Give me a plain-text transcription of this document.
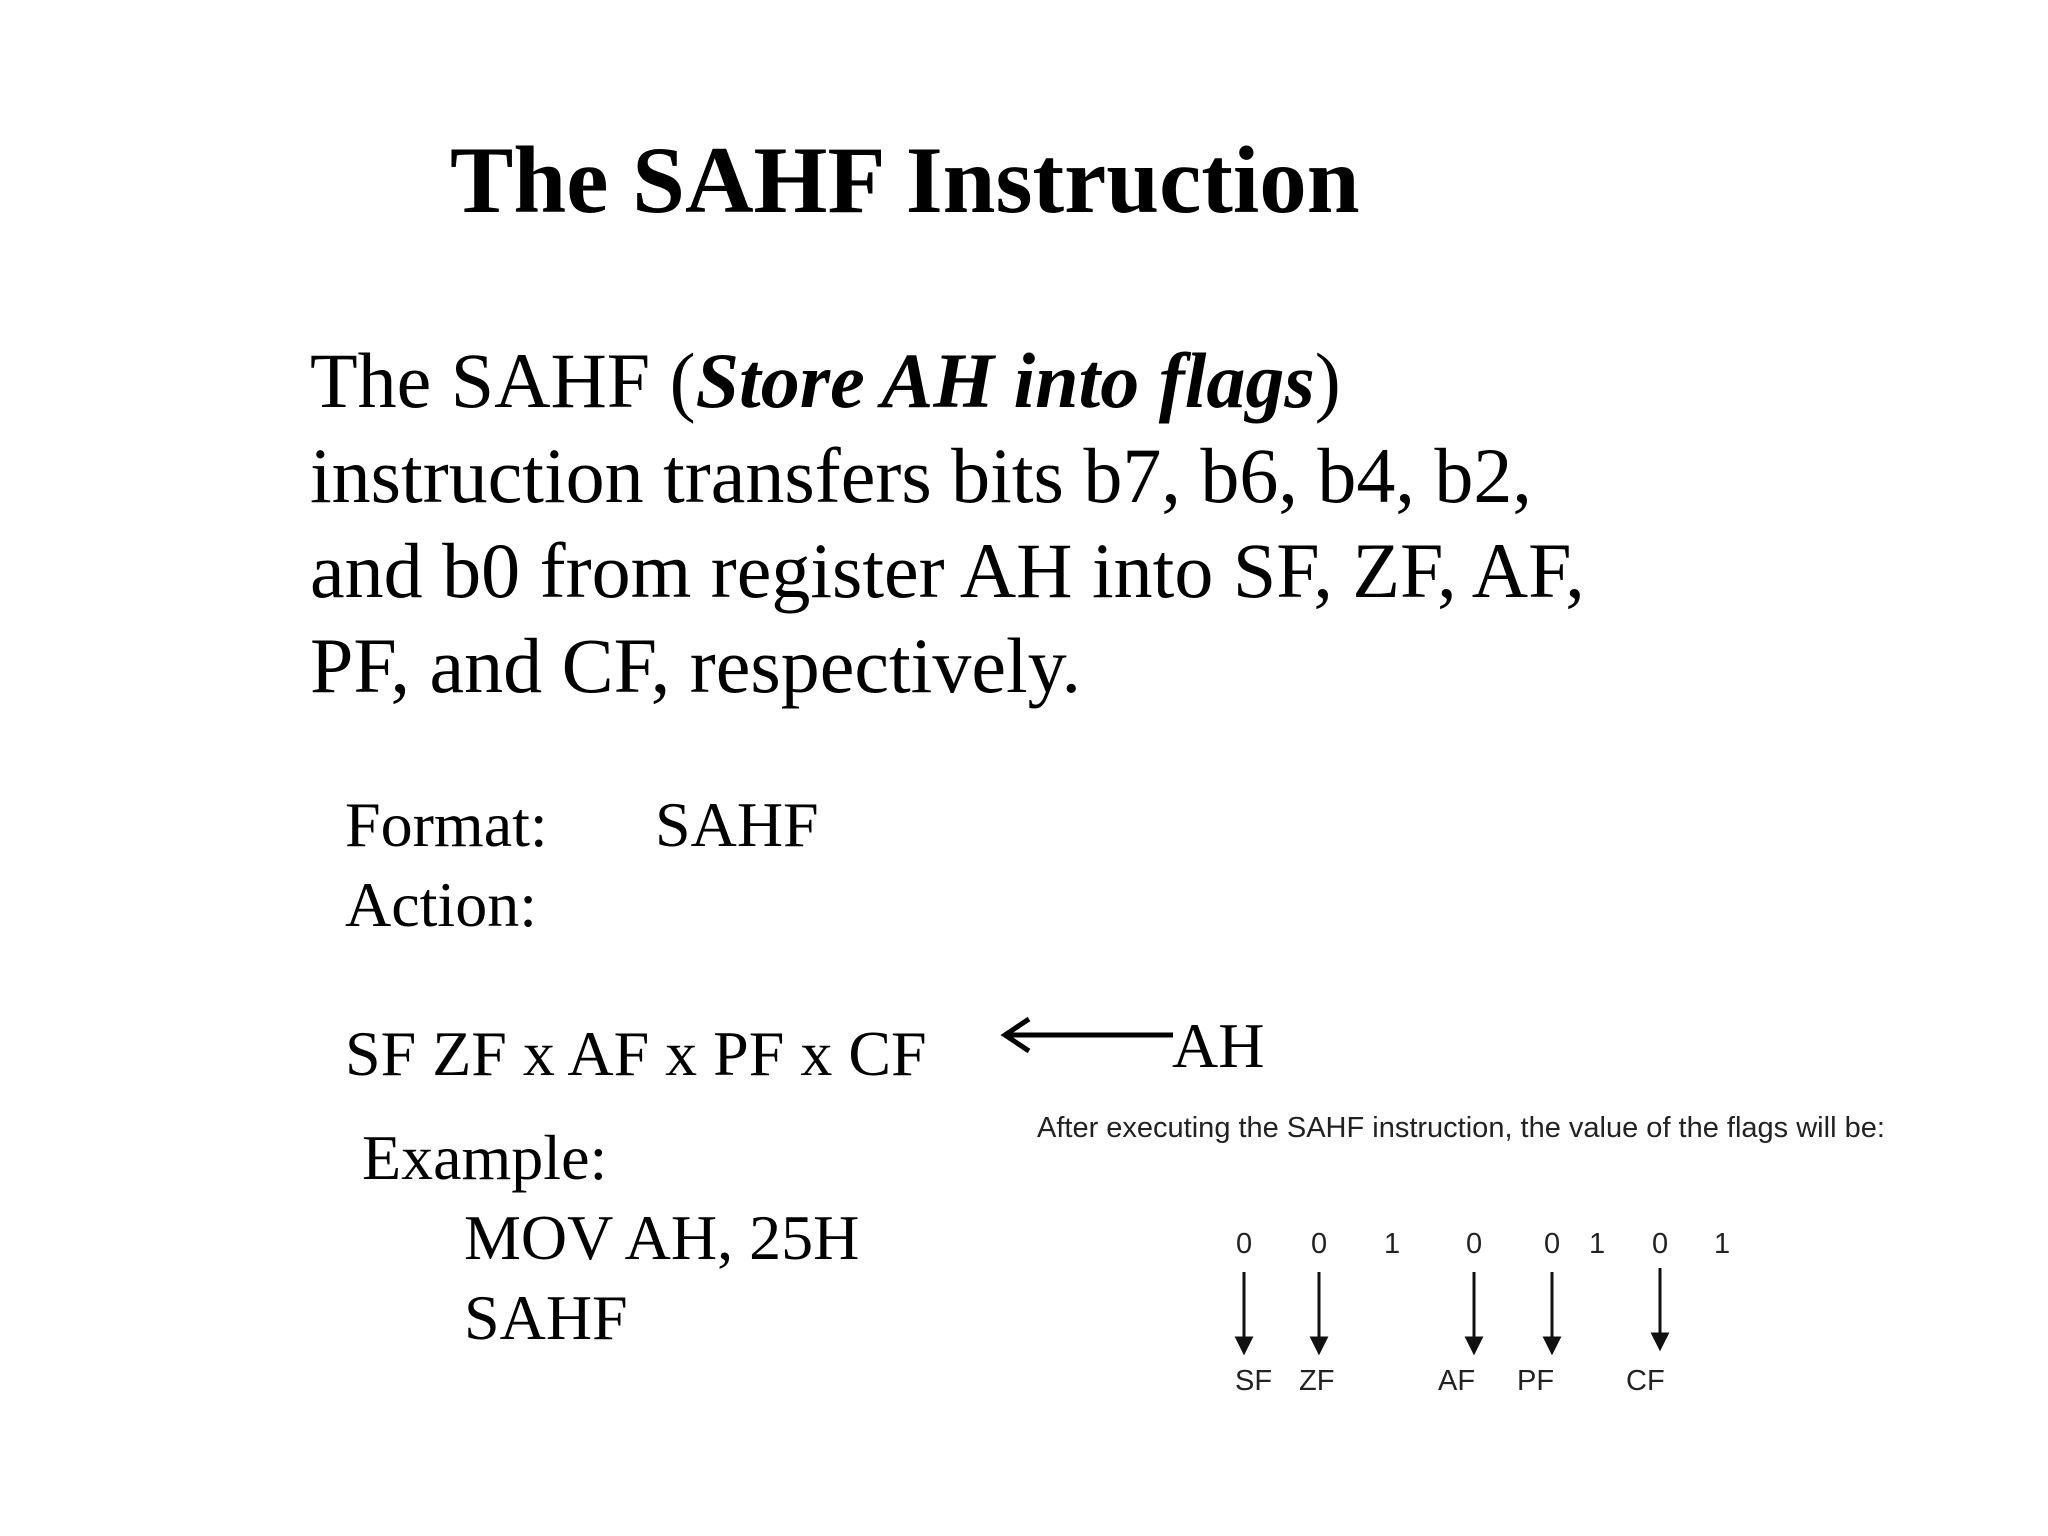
The SAHF Instruction
The SAHF (Store AH into flags)
instruction transfers bits b7, b6, b4, b2,
and b0 from register AH into SF, ZF, AF,
PF, and CF, respectively.
Format: SAHF
Action:
SF ZF x AF x PF x CF	AH
Example:
MOV AH, 25H
SAHF
After executing the SAHF instruction, the value of the flags will be:
0 0 1 0 0 1 0 1
SF ZF	AF PF CF
